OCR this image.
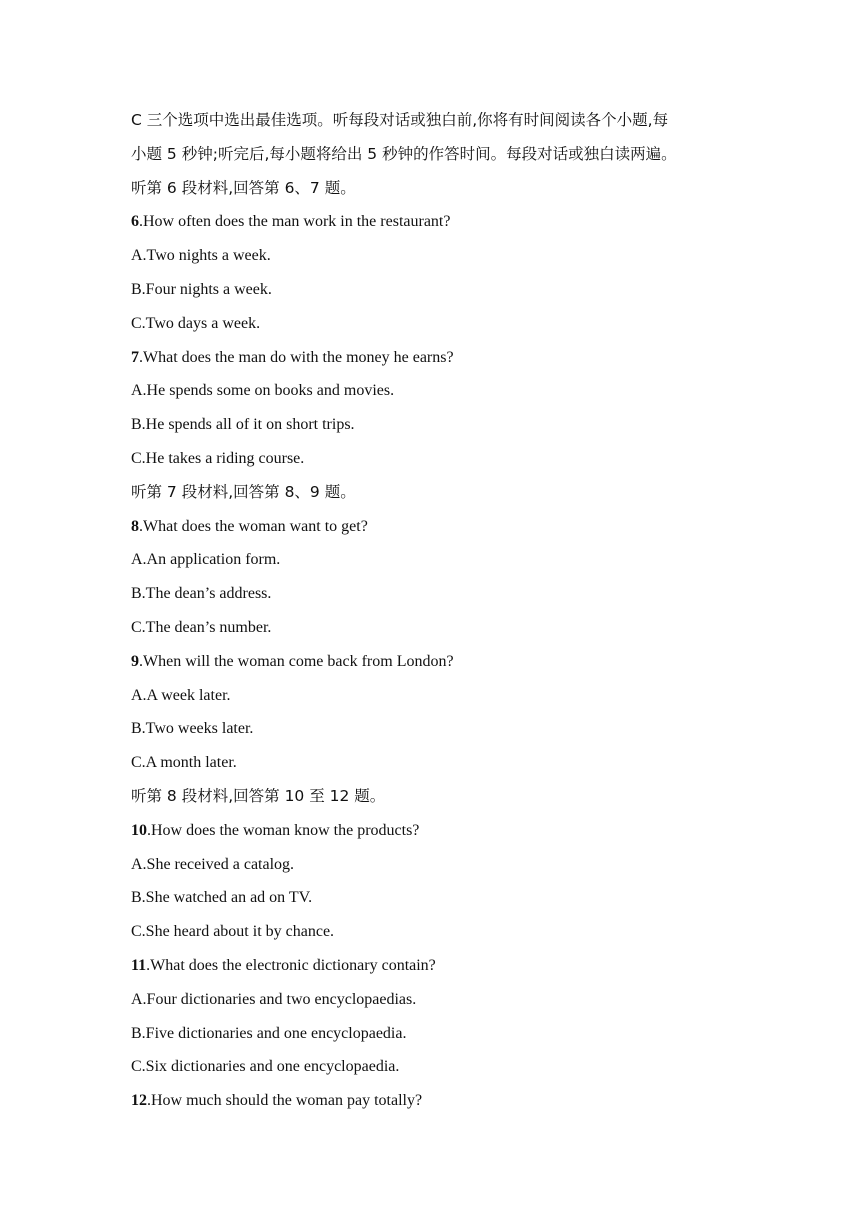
C 三个选项中选出最佳选项。听每段对话或独白前,你将有时间阅读各个小题,每
小题 5 秒钟;听完后,每小题将给出 5 秒钟的作答时间。每段对话或独白读两遍。
听第 6 段材料,回答第 6、7 题。
6.How often does the man work in the restaurant?
A.Two nights a week.
B.Four nights a week.
C.Two days a week.
7.What does the man do with the money he earns?
A.He spends some on books and movies.
B.He spends all of it on short trips.
C.He takes a riding course.
听第 7 段材料,回答第 8、9 题。
8.What does the woman want to get?
A.An application form.
B.The dean’s address.
C.The dean’s number.
9.When will the woman come back from London?
A.A week later.
B.Two weeks later.
C.A month later.
听第 8 段材料,回答第 10 至 12 题。
10.How does the woman know the products?
A.She received a catalog.
B.She watched an ad on TV.
C.She heard about it by chance.
11.What does the electronic dictionary contain?
A.Four dictionaries and two encyclopaedias.
B.Five dictionaries and one encyclopaedia.
C.Six dictionaries and one encyclopaedia.
12.How much should the woman pay totally?
